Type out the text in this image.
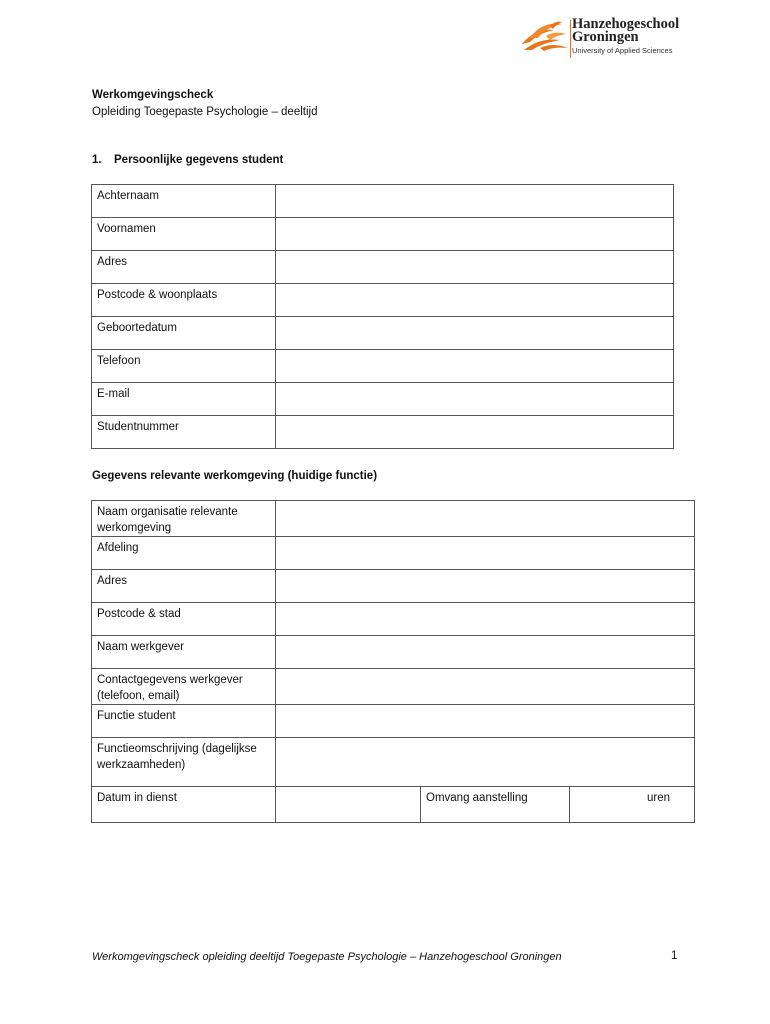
Hanzehogeschool
Groningen
University of Applied Sciences
Werkomgevingscheck
Opleiding Toegepaste Psychologie – deeltijd
1. Persoonlijke gegevens student
Achternaam	
Voornamen	
Adres	
Postcode & woonplaats	
Geboortedatum	
Telefoon	
E-mail	
Studentnummer	
Gegevens relevante werkomgeving (huidige functie)
Naam organisatie relevante werkomgeving			
Afdeling			
Adres			
Postcode & stad			
Naam werkgever			
Contactgegevens werkgever (telefoon, email)			
Functie student			
Functieomschrijving (dagelijkse werkzaamheden)			
Datum in dienst		Omvang aanstelling	uren
Werkomgevingscheck opleiding deeltijd Toegepaste Psychologie – Hanzehogeschool Groningen	1
